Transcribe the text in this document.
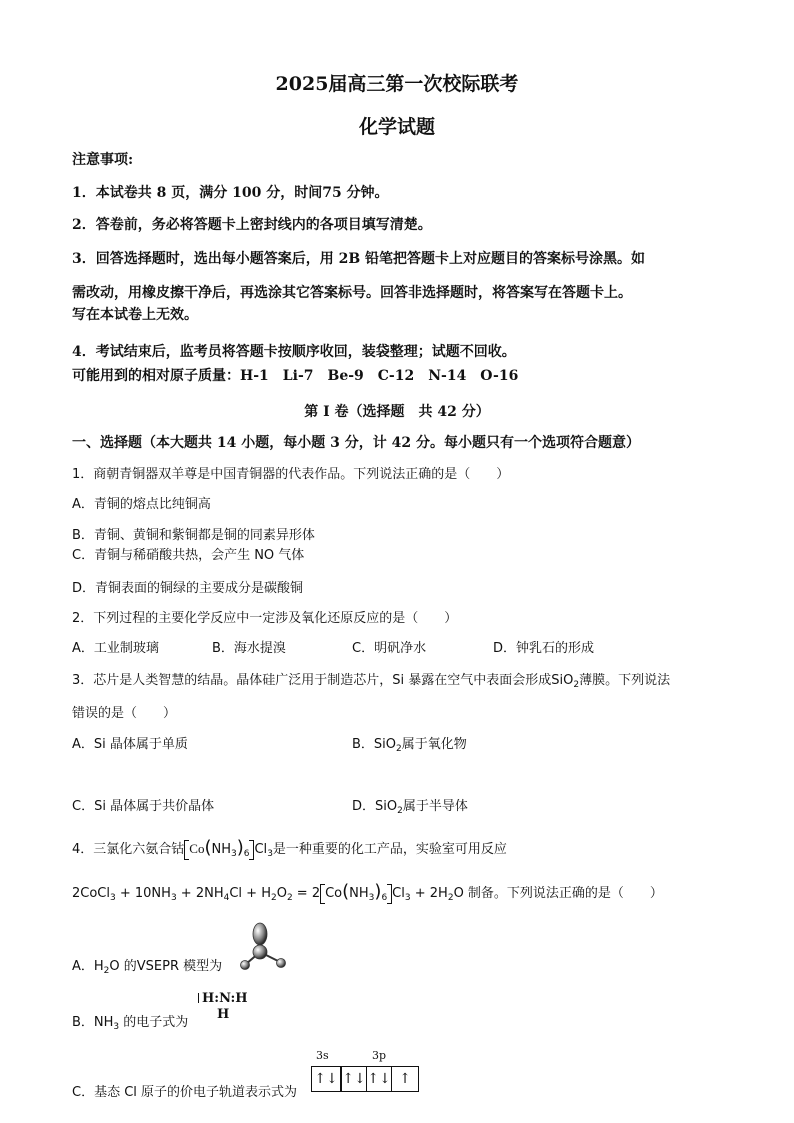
2025届高三第一次校际联考
化学试题
注意事项:
1．本试卷共 8 页，满分 100 分，时间75 分钟。
2．答卷前，务必将答题卡上密封线内的各项目填写清楚。
3．回答选择题时，选出每小题答案后，用 2B 铅笔把答题卡上对应题目的答案标号涂黑。如
需改动，用橡皮擦干净后，再选涂其它答案标号。回答非选择题时，将答案写在答题卡上。
写在本试卷上无效。
4．考试结束后，监考员将答题卡按顺序收回，装袋整理；试题不回收。
可能用到的相对原子质量：H-1　Li-7　Be-9　C-12　N-14　O-16
第 I 卷（选择题　共 42 分）
一、选择题（本大题共 14 小题，每小题 3 分，计 42 分。每小题只有一个选项符合题意）
1．商朝青铜器双羊尊是中国青铜器的代表作品。下列说法正确的是（　　）
A．青铜的熔点比纯铜高
B．青铜、黄铜和紫铜都是铜的同素异形体
C．青铜与稀硝酸共热，会产生 NO 气体
D．青铜表面的铜绿的主要成分是碳酸铜
2．下列过程的主要化学反应中一定涉及氧化还原反应的是（　　）
A．工业制玻璃	B．海水提溴	C．明矾净水	D．钟乳石的形成
3．芯片是人类智慧的结晶。晶体硅广泛用于制造芯片，Si 暴露在空气中表面会形成SiO$_2$薄膜。下列说法
错误的是（　　）
A．Si 晶体属于单质	B．SiO$_2$属于氧化物
C．Si 晶体属于共价晶体	D．SiO$_2$属于半导体
4．三氯化六氨合钴 $Co(NH_3)_6$ $Cl_3$是一种重要的化工产品，实验室可用反应
2CoCl$_3$ + $10NH_3 + 2NH_4Cl + H_2O_2 = 2$ $Co(NH_3)_6$ $Cl_3 + 2H_2O$ 制备。下列说法正确的是（　　）
A．$H_2O$ 的VSEPR 模型为
B．$NH_3$ 的电子式为
H:N:H
H
C．基态 Cl 原子的价电子轨道表示式为
3s	3p
↑↓ ↑↓ ↑↓ ↑
